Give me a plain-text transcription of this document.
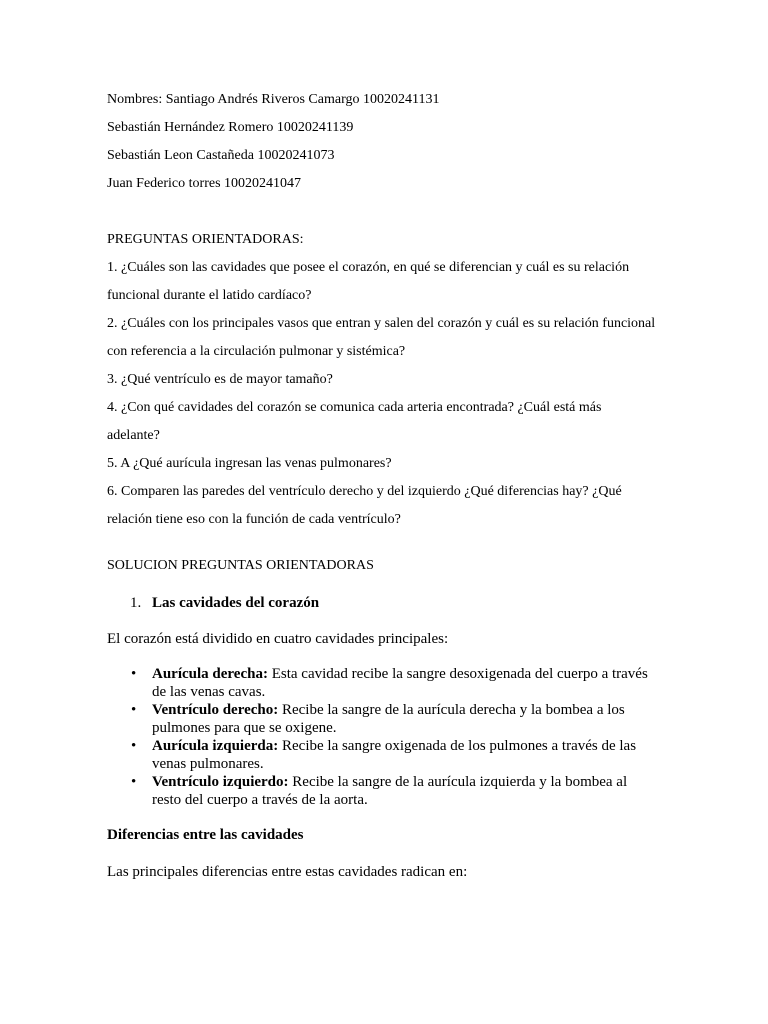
Nombres: Santiago Andrés Riveros Camargo 10020241131
Sebastián Hernández Romero 10020241139
Sebastián Leon Castañeda 10020241073
Juan Federico torres 10020241047
PREGUNTAS ORIENTADORAS:
1. ¿Cuáles son las cavidades que posee el corazón, en qué se diferencian y cuál es su relación
funcional durante el latido cardíaco?
2. ¿Cuáles con los principales vasos que entran y salen del corazón y cuál es su relación funcional
con referencia a la circulación pulmonar y sistémica?
3. ¿Qué ventrículo es de mayor tamaño?
4. ¿Con qué cavidades del corazón se comunica cada arteria encontrada? ¿Cuál está más
adelante?
5. A ¿Qué aurícula ingresan las venas pulmonares?
6. Comparen las paredes del ventrículo derecho y del izquierdo ¿Qué diferencias hay? ¿Qué
relación tiene eso con la función de cada ventrículo?
SOLUCION PREGUNTAS ORIENTADORAS
1. Las cavidades del corazón
El corazón está dividido en cuatro cavidades principales:
• Aurícula derecha: Esta cavidad recibe la sangre desoxigenada del cuerpo a través
de las venas cavas.
• Ventrículo derecho: Recibe la sangre de la aurícula derecha y la bombea a los
pulmones para que se oxigene.
• Aurícula izquierda: Recibe la sangre oxigenada de los pulmones a través de las
venas pulmonares.
• Ventrículo izquierdo: Recibe la sangre de la aurícula izquierda y la bombea al
resto del cuerpo a través de la aorta.
Diferencias entre las cavidades
Las principales diferencias entre estas cavidades radican en:
